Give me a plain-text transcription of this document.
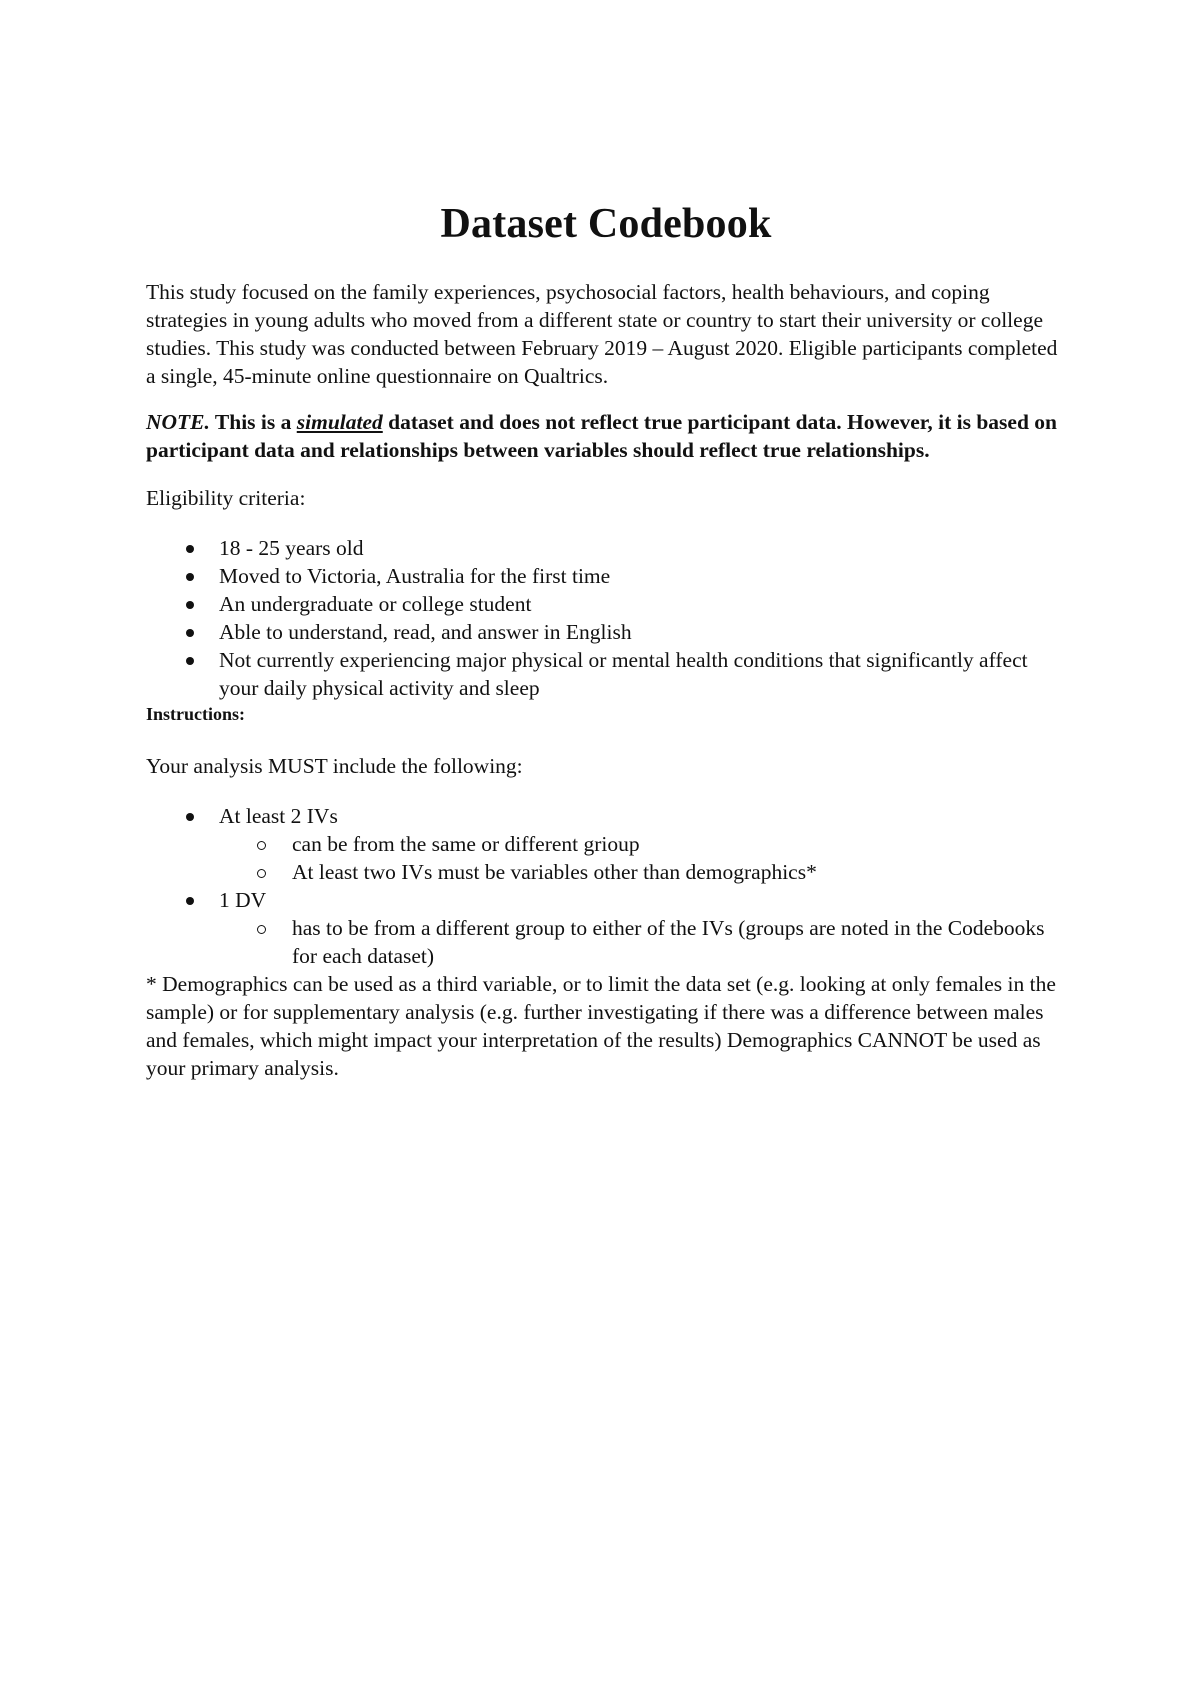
Dataset Codebook

This study focused on the family experiences, psychosocial factors, health behaviours, and coping strategies in young adults who moved from a different state or country to start their university or college studies. This study was conducted between February 2019 – August 2020. Eligible participants completed a single, 45-minute online questionnaire on Qualtrics.

NOTE. This is a simulated dataset and does not reflect true participant data. However, it is based on participant data and relationships between variables should reflect true relationships.

Eligibility criteria:

18 - 25 years old
Moved to Victoria, Australia for the first time
An undergraduate or college student
Able to understand, read, and answer in English
Not currently experiencing major physical or mental health conditions that significantly affect your daily physical activity and sleep

Instructions:

Your analysis MUST include the following:

At least 2 IVs
can be from the same or different grioup
At least two IVs must be variables other than demographics*
1 DV
has to be from a different group to either of the IVs (groups are noted in the Codebooks for each dataset)

* Demographics can be used as a third variable, or to limit the data set (e.g. looking at only females in the sample) or for supplementary analysis (e.g. further investigating if there was a difference between males and females, which might impact your interpretation of the results) Demographics CANNOT be used as your primary analysis.
